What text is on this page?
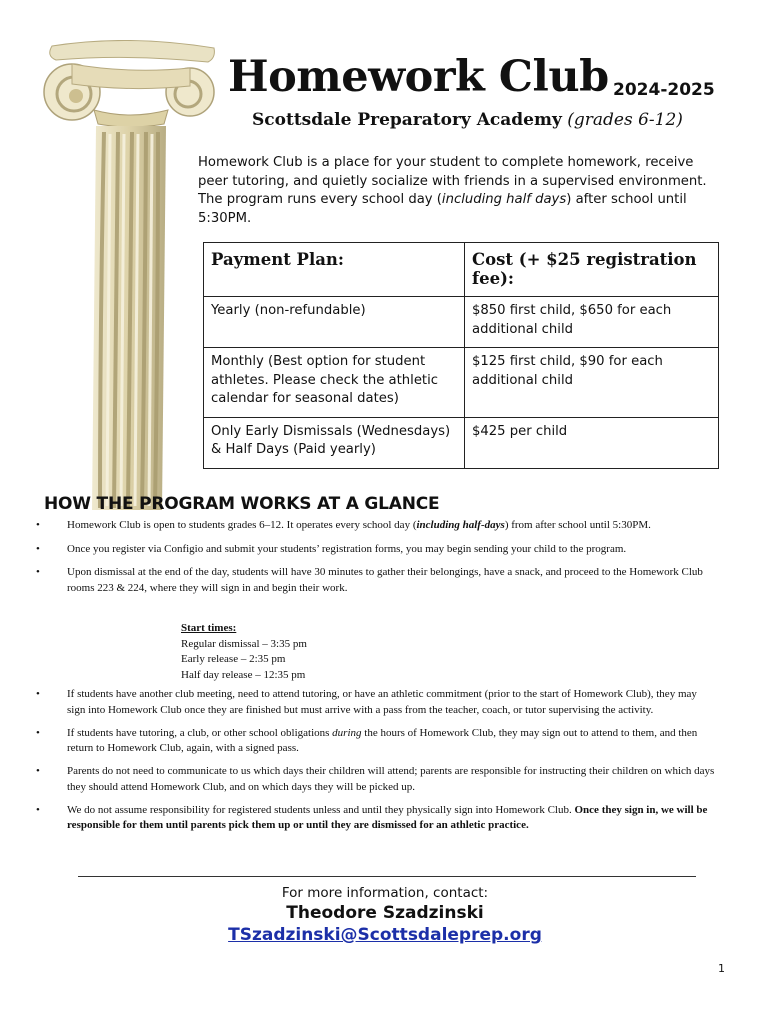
Homework Club 2024-2025
Scottsdale Preparatory Academy (grades 6-12)
Homework Club is a place for your student to complete homework, receive peer tutoring, and quietly socialize with friends in a supervised environment. The program runs every school day (including half days) after school until 5:30PM.
Payment Plan:	Cost (+ $25 registration fee):
Yearly (non-refundable)	$850 first child, $650 for each additional child
Monthly (Best option for student athletes. Please check the athletic calendar for seasonal dates)	$125 first child, $90 for each additional child
Only Early Dismissals (Wednesdays) & Half Days (Paid yearly)	$425 per child
HOW THE PROGRAM WORKS AT A GLANCE
• Homework Club is open to students grades 6–12. It operates every school day (including half-days) from after school until 5:30PM.
• Once you register via Configio and submit your students’ registration forms, you may begin sending your child to the program.
• Upon dismissal at the end of the day, students will have 30 minutes to gather their belongings, have a snack, and proceed to the Homework Club rooms 223 & 224, where they will sign in and begin their work.
Start times:
Regular dismissal – 3:35 pm
Early release – 2:35 pm
Half day release – 12:35 pm
• If students have another club meeting, need to attend tutoring, or have an athletic commitment (prior to the start of Homework Club), they may sign into Homework Club once they are finished but must arrive with a pass from the teacher, coach, or tutor supervising the activity.
• If students have tutoring, a club, or other school obligations during the hours of Homework Club, they may sign out to attend to them, and then return to Homework Club, again, with a signed pass.
• Parents do not need to communicate to us which days their children will attend; parents are responsible for instructing their children on which days they should attend Homework Club, and on which days they will be picked up.
• We do not assume responsibility for registered students unless and until they physically sign into Homework Club. Once they sign in, we will be responsible for them until parents pick them up or until they are dismissed for an athletic practice.
For more information, contact:
Theodore Szadzinski
TSzadzinski@Scottsdaleprep.org
1
